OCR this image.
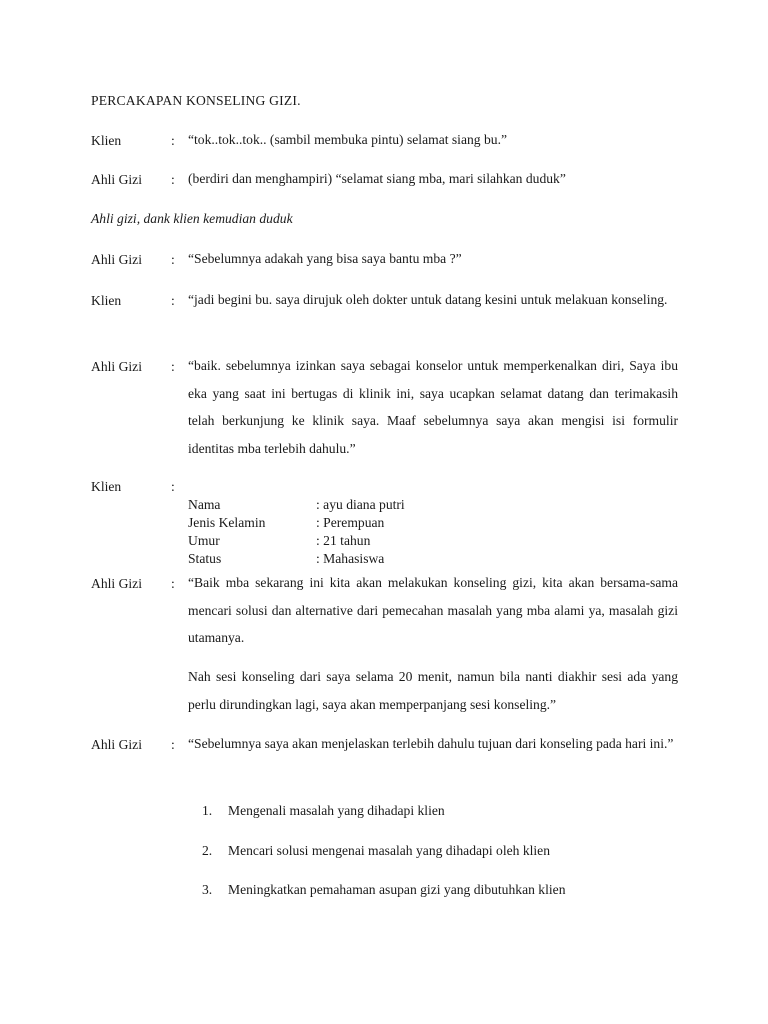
PERCAKAPAN KONSELING GIZI.
Klien	: “tok..tok..tok.. (sambil membuka pintu) selamat siang bu.”
Ahli Gizi : (berdiri dan menghampiri) “selamat siang mba, mari silahkan duduk”
Ahli gizi, dank klien kemudian duduk
Ahli Gizi : “Sebelumnya adakah yang bisa saya bantu mba ?”
Klien	: “jadi begini bu. saya dirujuk oleh dokter untuk datang kesini untuk melakuan konseling.
Ahli Gizi : “baik. sebelumnya izinkan saya sebagai konselor untuk memperkenalkan diri, Saya ibu eka yang saat ini bertugas di klinik ini, saya ucapkan selamat datang dan terimakasih telah berkunjung ke klinik saya. Maaf sebelumnya saya akan mengisi isi formulir identitas mba terlebih dahulu.”
Klien	:
Nama	: ayu diana putri
Jenis Kelamin	: Perempuan
Umur	: 21 tahun
Status	: Mahasiswa
Ahli Gizi : “Baik mba sekarang ini kita akan melakukan konseling gizi, kita akan bersama-sama mencari solusi dan alternative dari pemecahan masalah yang mba alami ya, masalah gizi utamanya.
Nah sesi konseling dari saya selama 20 menit, namun bila nanti diakhir sesi ada yang perlu dirundingkan lagi, saya akan memperpanjang sesi konseling.”
Ahli Gizi : “Sebelumnya saya akan menjelaskan terlebih dahulu tujuan dari konseling pada hari ini.”
1. Mengenali masalah yang dihadapi klien
2. Mencari solusi mengenai masalah yang dihadapi oleh klien
3. Meningkatkan pemahaman asupan gizi yang dibutuhkan klien
